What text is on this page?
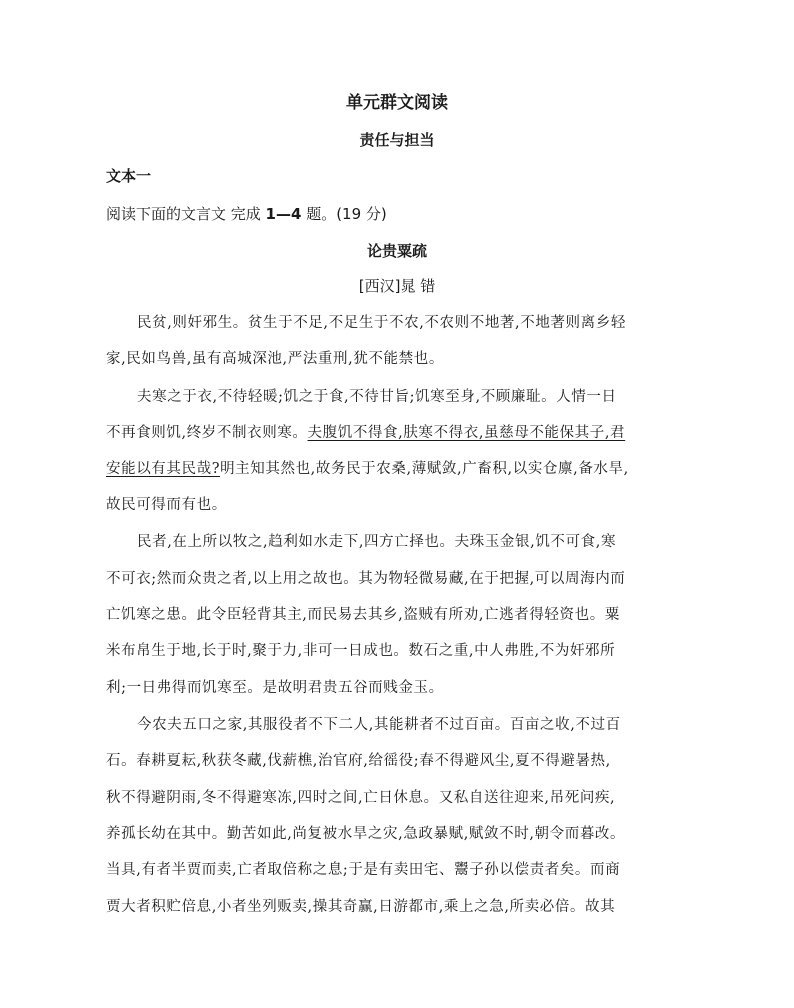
单元群文阅读
责任与担当
文本一
阅读下面的文言文 完成 1—4 题。(19 分)
论贵粟疏
[西汉]晁 错
民贫,则奸邪生。贫生于不足,不足生于不农,不农则不地著,不地著则离乡轻
家,民如鸟兽,虽有高城深池,严法重刑,犹不能禁也。
夫寒之于衣,不待轻暖;饥之于食,不待甘旨;饥寒至身,不顾廉耻。人情一日
不再食则饥,终岁不制衣则寒。夫腹饥不得食,肤寒不得衣,虽慈母不能保其子,君
安能以有其民哉?明主知其然也,故务民于农桑,薄赋敛,广畜积,以实仓廪,备水旱,
故民可得而有也。
民者,在上所以牧之,趋利如水走下,四方亡择也。夫珠玉金银,饥不可食,寒
不可衣;然而众贵之者,以上用之故也。其为物轻微易藏,在于把握,可以周海内而
亡饥寒之患。此令臣轻背其主,而民易去其乡,盗贼有所劝,亡逃者得轻资也。粟
米布帛生于地,长于时,聚于力,非可一日成也。数石之重,中人弗胜,不为奸邪所
利;一日弗得而饥寒至。是故明君贵五谷而贱金玉。
今农夫五口之家,其服役者不下二人,其能耕者不过百亩。百亩之收,不过百
石。春耕夏耘,秋获冬藏,伐薪樵,治官府,给徭役;春不得避风尘,夏不得避暑热,
秋不得避阴雨,冬不得避寒冻,四时之间,亡日休息。又私自送往迎来,吊死问疾,
养孤长幼在其中。勤苦如此,尚复被水旱之灾,急政暴赋,赋敛不时,朝令而暮改。
当具,有者半贾而卖,亡者取倍称之息;于是有卖田宅、鬻子孙以偿责者矣。而商
贾大者积贮倍息,小者坐列贩卖,操其奇赢,日游都市,乘上之急,所卖必倍。故其
